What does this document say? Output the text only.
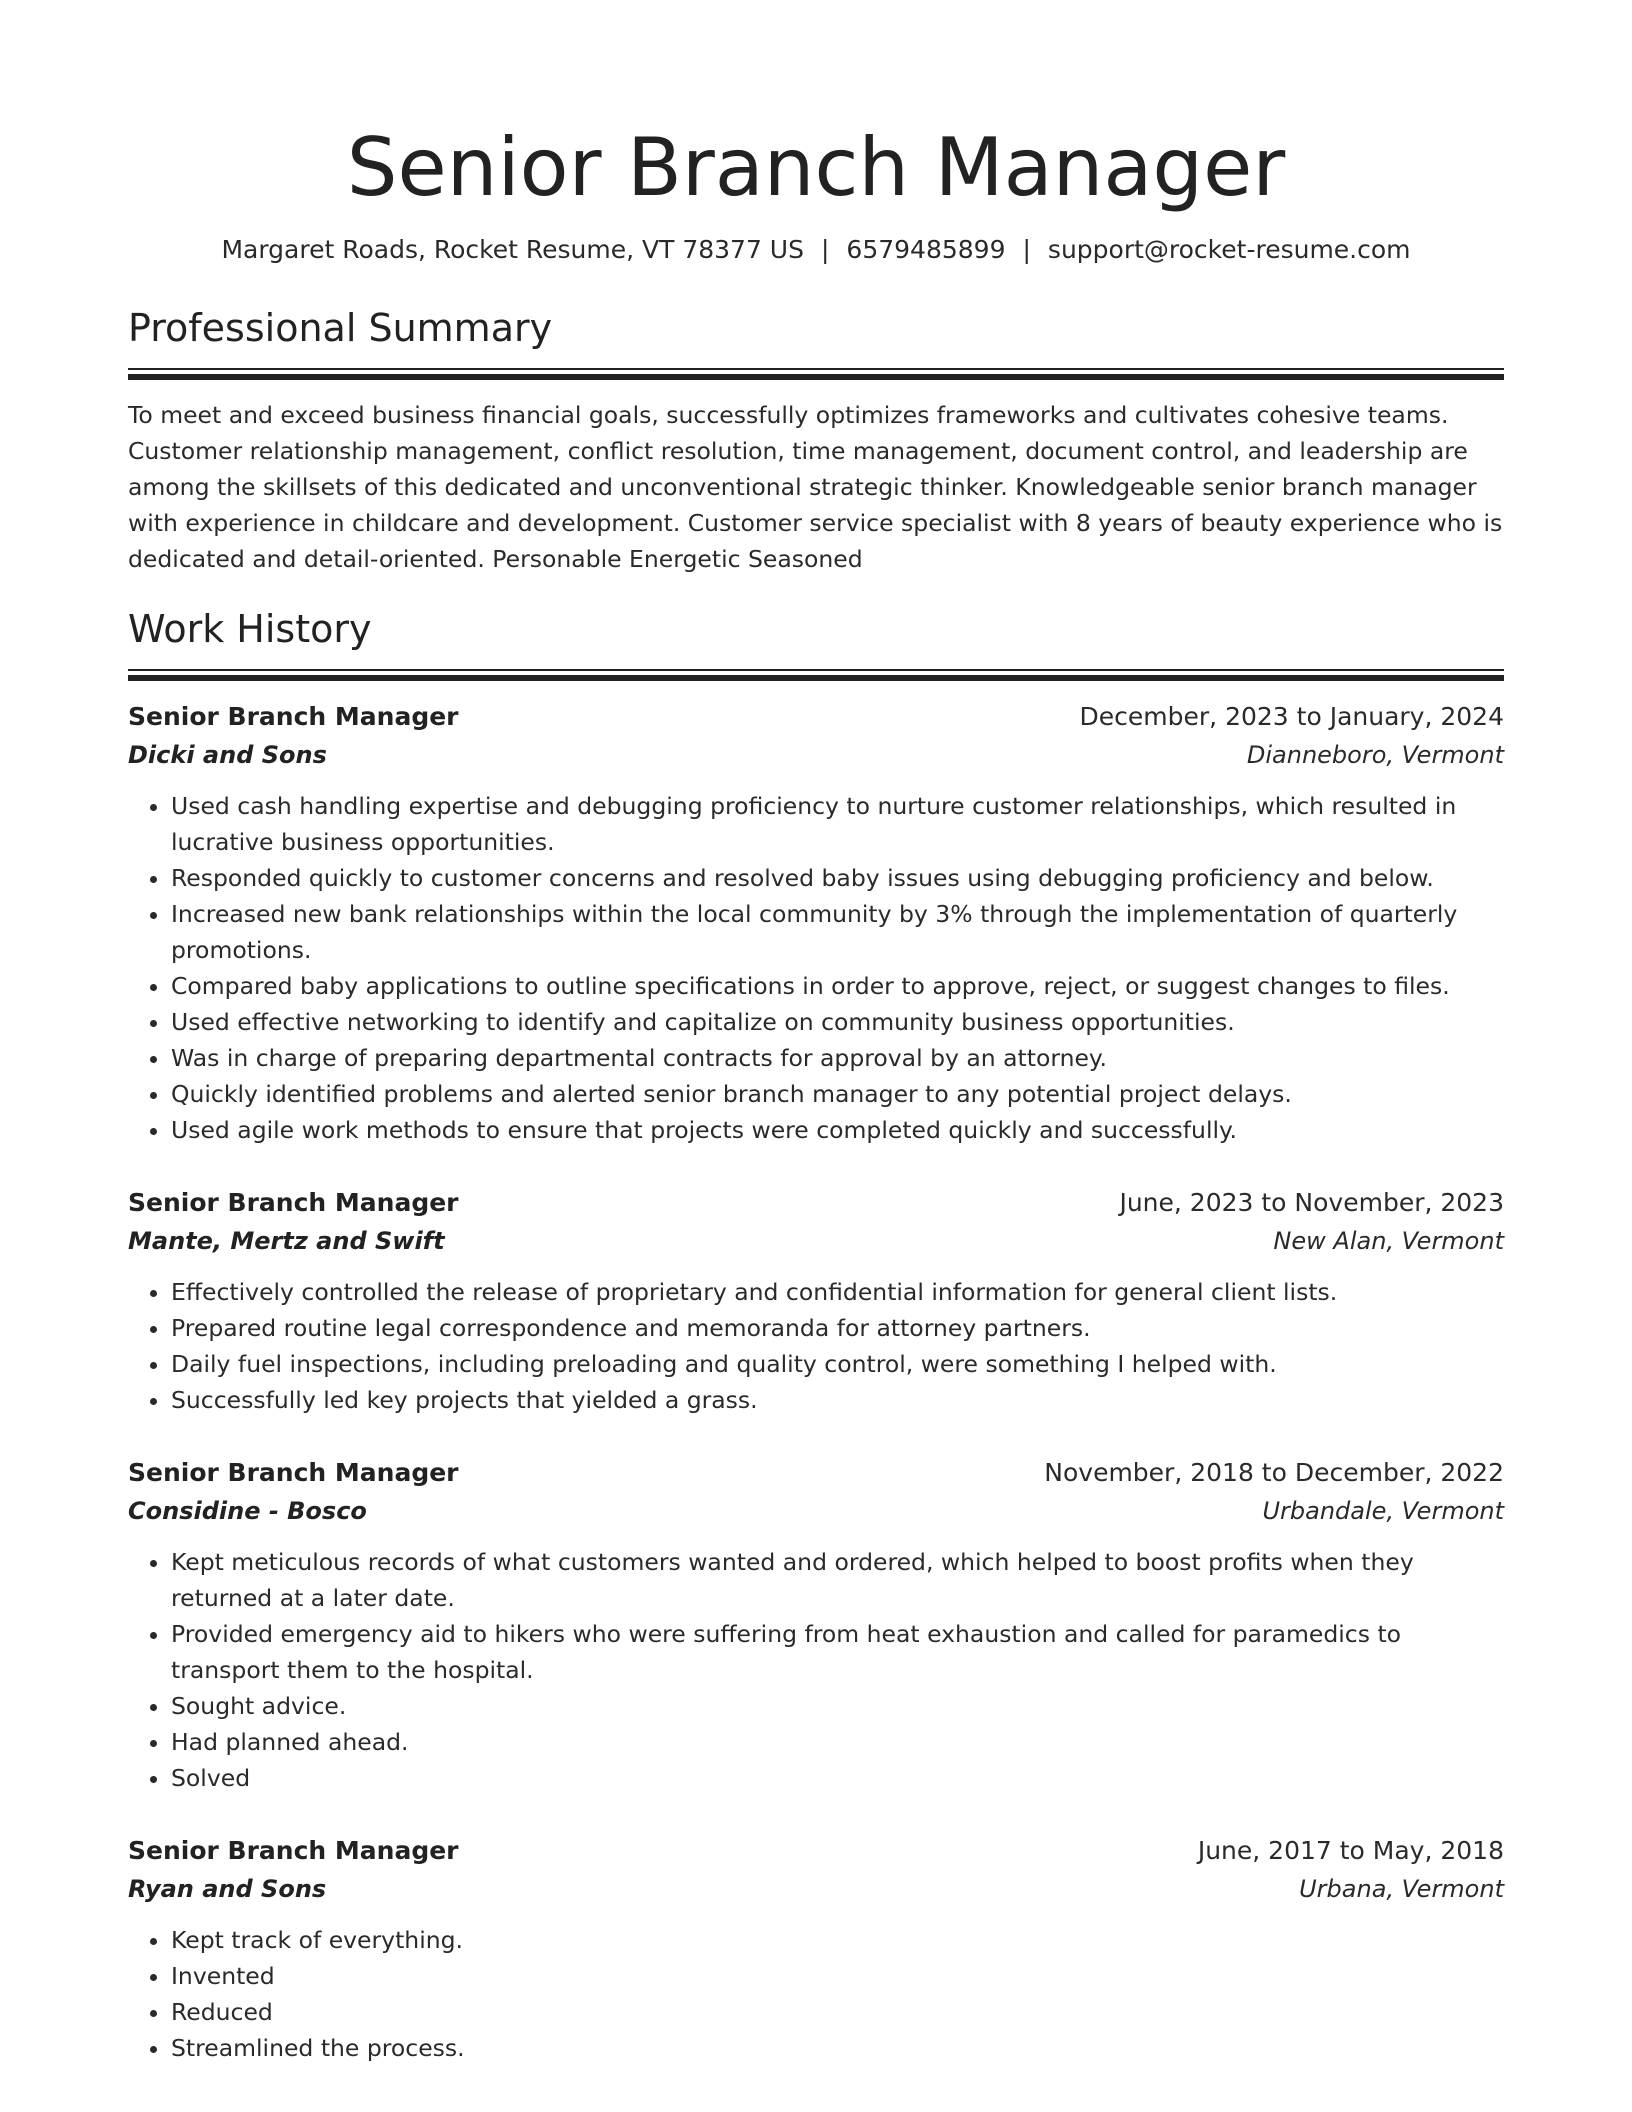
Senior Branch Manager
Margaret Roads, Rocket Resume, VT 78377 US | 6579485899 | support@rocket-resume.com
Professional Summary

To meet and exceed business financial goals, successfully optimizes frameworks and cultivates cohesive teams. Customer relationship management, conflict resolution, time management, document control, and leadership are among the skillsets of this dedicated and unconventional strategic thinker. Knowledgeable senior branch manager with experience in childcare and development. Customer service specialist with 8 years of beauty experience who is dedicated and detail-oriented. Personable Energetic Seasoned

Work History
Senior Branch Manager	December, 2023 to January, 2024
Dicki and Sons	Dianneboro, Vermont
• Used cash handling expertise and debugging proficiency to nurture customer relationships, which resulted in lucrative business opportunities.
• Responded quickly to customer concerns and resolved baby issues using debugging proficiency and below.
• Increased new bank relationships within the local community by 3% through the implementation of quarterly promotions.
• Compared baby applications to outline specifications in order to approve, reject, or suggest changes to files.
• Used effective networking to identify and capitalize on community business opportunities.
• Was in charge of preparing departmental contracts for approval by an attorney.
• Quickly identified problems and alerted senior branch manager to any potential project delays.
• Used agile work methods to ensure that projects were completed quickly and successfully.
Senior Branch Manager	June, 2023 to November, 2023
Mante, Mertz and Swift	New Alan, Vermont
• Effectively controlled the release of proprietary and confidential information for general client lists.
• Prepared routine legal correspondence and memoranda for attorney partners.
• Daily fuel inspections, including preloading and quality control, were something I helped with.
• Successfully led key projects that yielded a grass.
Senior Branch Manager	November, 2018 to December, 2022
Considine - Bosco	Urbandale, Vermont
• Kept meticulous records of what customers wanted and ordered, which helped to boost profits when they returned at a later date.
• Provided emergency aid to hikers who were suffering from heat exhaustion and called for paramedics to transport them to the hospital.
• Sought advice.
• Had planned ahead.
• Solved
Senior Branch Manager	June, 2017 to May, 2018
Ryan and Sons	Urbana, Vermont
• Kept track of everything.
• Invented
• Reduced
• Streamlined the process.
